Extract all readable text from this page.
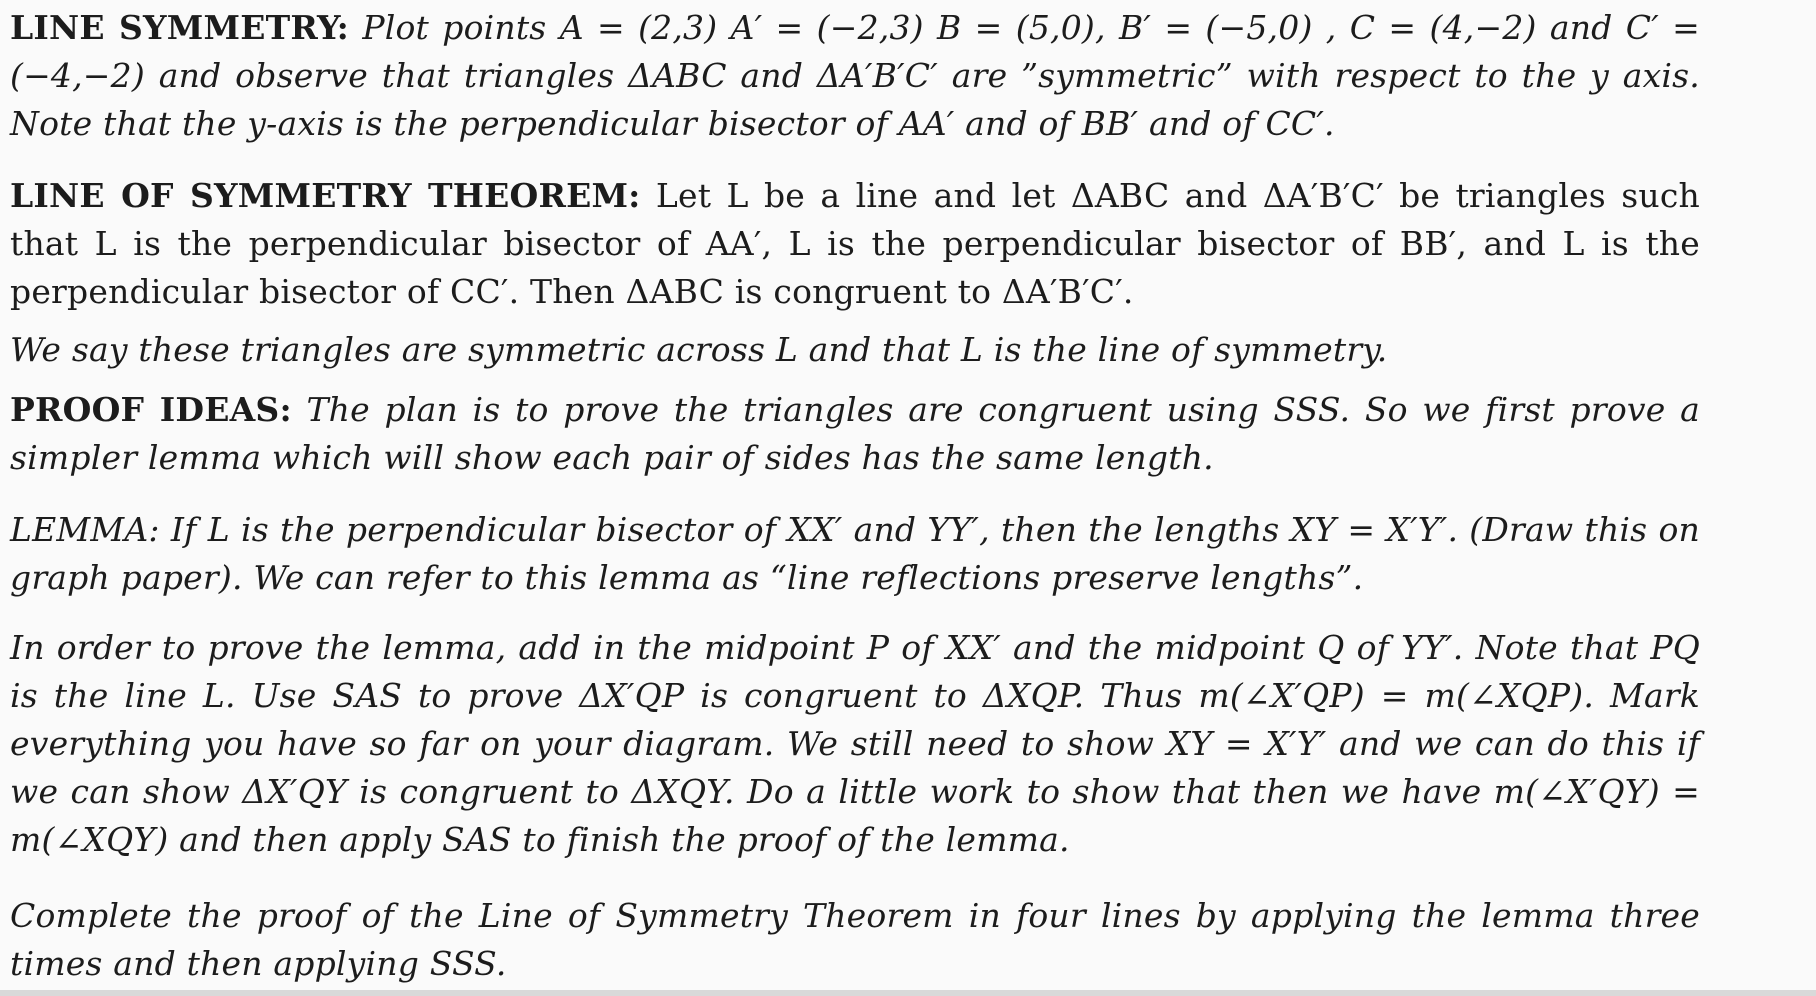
LINE SYMMETRY: Plot points A = (2,3) A′ = (−2,3) B = (5,0), B′ = (−5,0) , C = (4,−2) and C′ = (−4,−2) and observe that triangles ΔABC and ΔA′B′C′ are ”symmetric” with respect to the y axis. Note that the y-axis is the perpendicular bisector of AA′ and of BB′ and of CC′.

LINE OF SYMMETRY THEOREM: Let L be a line and let ΔABC and ΔA′B′C′ be triangles such that L is the perpendicular bisector of AA′, L is the perpendicular bisector of BB′, and L is the perpendicular bisector of CC′. Then ΔABC is congruent to ΔA′B′C′.

We say these triangles are symmetric across L and that L is the line of symmetry.

PROOF IDEAS: The plan is to prove the triangles are congruent using SSS. So we first prove a simpler lemma which will show each pair of sides has the same length.

LEMMA: If L is the perpendicular bisector of XX′ and YY′, then the lengths XY = X′Y′. (Draw this on graph paper). We can refer to this lemma as “line reflections preserve lengths”.

In order to prove the lemma, add in the midpoint P of XX′ and the midpoint Q of YY′. Note that PQ is the line L. Use SAS to prove ΔX′QP is congruent to ΔXQP. Thus m(∠X′QP) = m(∠XQP). Mark everything you have so far on your diagram. We still need to show XY = X′Y′ and we can do this if we can show ΔX′QY is congruent to ΔXQY. Do a little work to show that then we have m(∠X′QY) = m(∠XQY) and then apply SAS to finish the proof of the lemma.

Complete the proof of the Line of Symmetry Theorem in four lines by applying the lemma three times and then applying SSS.
